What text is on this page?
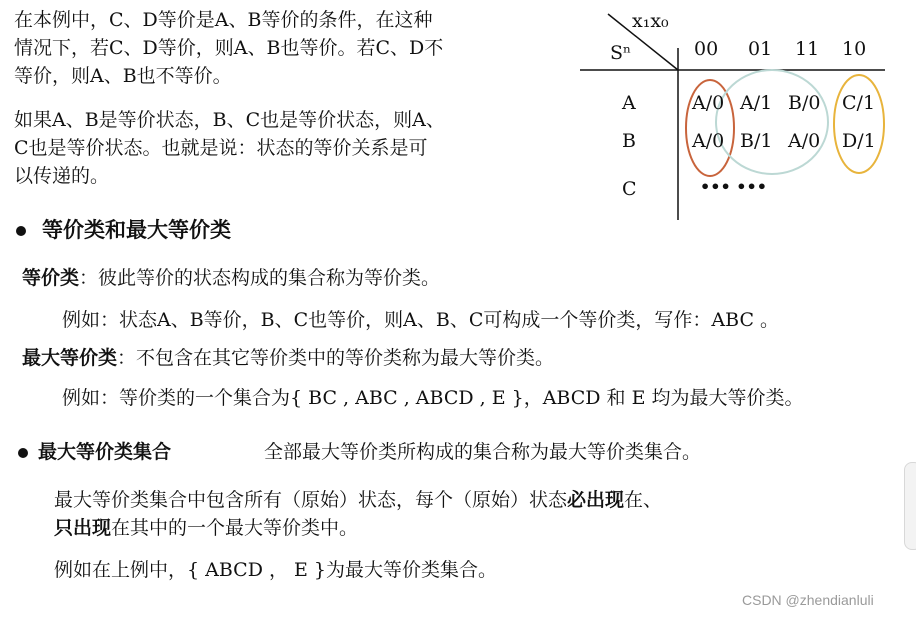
在本例中，C、D等价是A、B等价的条件，在这种
情况下，若C、D等价，则A、B也等价。若C、D不
等价，则A、B也不等价。
如果A、B是等价状态，B、C也是等价状态，则A、
C也是等价状态。也就是说：状态的等价关系是可
以传递的。
x₁x₀
Sⁿ	00 01 11 10
A	A/0 A/1 B/0 C/1
B	A/0 B/1 A/0 D/1
C	••• •••
等价类和最大等价类
等价类：彼此等价的状态构成的集合称为等价类。
例如：状态A、B等价，B、C也等价，则A、B、C可构成一个等价类，写作：ABC 。
最大等价类：不包含在其它等价类中的等价类称为最大等价类。
例如：等价类的一个集合为{ BC , ABC , ABCD , E }，ABCD 和 E 均为最大等价类。
最大等价类集合	全部最大等价类所构成的集合称为最大等价类集合。
最大等价类集合中包含所有（原始）状态，每个（原始）状态必出现在、
只出现在其中的一个最大等价类中。
例如在上例中，{ ABCD ， E }为最大等价类集合。
CSDN @zhendianluli
